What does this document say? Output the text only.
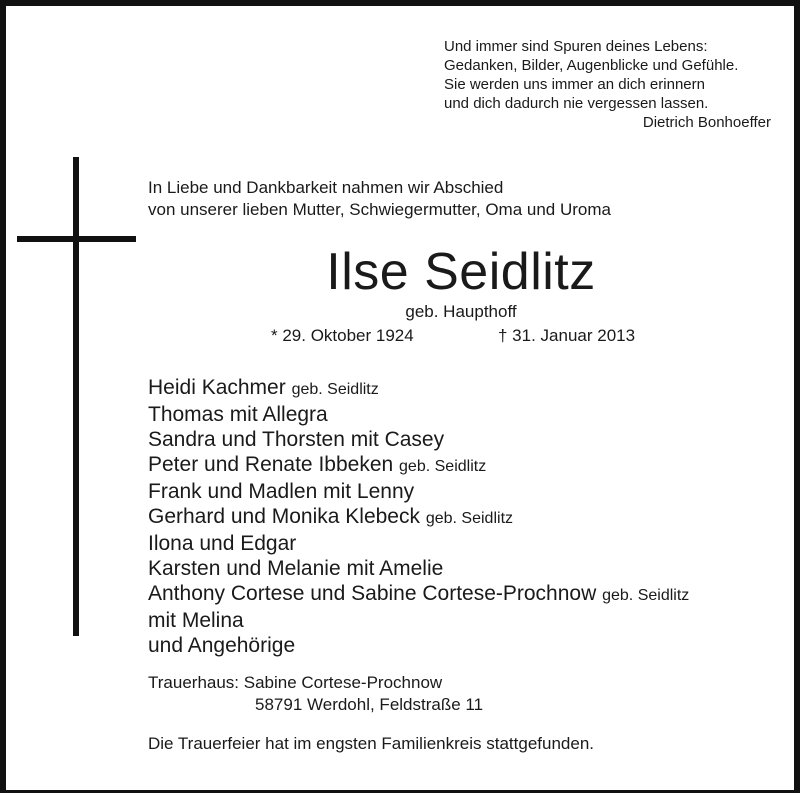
Und immer sind Spuren deines Lebens:
Gedanken, Bilder, Augenblicke und Gefühle.
Sie werden uns immer an dich erinnern
und dich dadurch nie vergessen lassen.
Dietrich Bonhoeffer
In Liebe und Dankbarkeit nahmen wir Abschied
von unserer lieben Mutter, Schwiegermutter, Oma und Uroma
Ilse Seidlitz
geb. Haupthoff
* 29. Oktober 1924	† 31. Januar 2013
Heidi Kachmer geb. Seidlitz
Thomas mit Allegra
Sandra und Thorsten mit Casey
Peter und Renate Ibbeken geb. Seidlitz
Frank und Madlen mit Lenny
Gerhard und Monika Klebeck geb. Seidlitz
Ilona und Edgar
Karsten und Melanie mit Amelie
Anthony Cortese und Sabine Cortese-Prochnow geb. Seidlitz
mit Melina
und Angehörige
Trauerhaus: Sabine Cortese-Prochnow
58791 Werdohl, Feldstraße 11
Die Trauerfeier hat im engsten Familienkreis stattgefunden.
